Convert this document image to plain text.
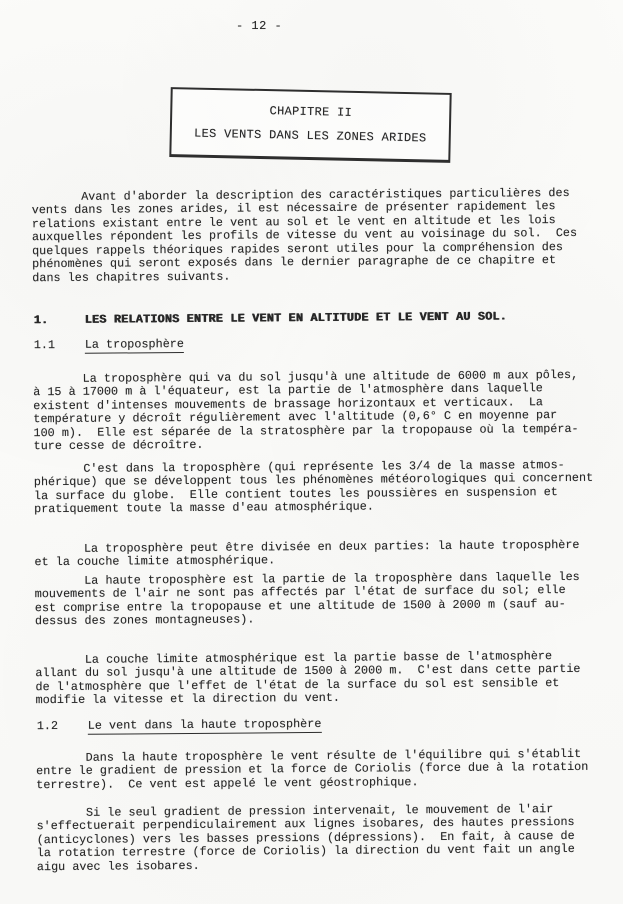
- 12 -
CHAPITRE II
LES VENTS DANS LES ZONES ARIDES
Avant d'aborder la description des caractéristiques particulières des
vents dans les zones arides, il est nécessaire de présenter rapidement les
relations existant entre le vent au sol et le vent en altitude et les lois
auxquelles répondent les profils de vitesse du vent au voisinage du sol.  Ces
quelques rappels théoriques rapides seront utiles pour la compréhension des
phénomènes qui seront exposés dans le dernier paragraphe de ce chapitre et
dans les chapitres suivants.
1.	LES RELATIONS ENTRE LE VENT EN ALTITUDE ET LE VENT AU SOL.
1.1	La troposphère
La troposphère qui va du sol jusqu'à une altitude de 6000 m aux pôles,
à 15 à 17000 m à l'équateur, est la partie de l'atmosphère dans laquelle
existent d'intenses mouvements de brassage horizontaux et verticaux.  La
température y décroît régulièrement avec l'altitude (0,6° C en moyenne par
100 m).  Elle est séparée de la stratosphère par la tropopause où la tempéra-
ture cesse de décroître.
C'est dans la troposphère (qui représente les 3/4 de la masse atmos-
phérique) que se développent tous les phénomènes météorologiques qui concernent
la surface du globe.  Elle contient toutes les poussières en suspension et
pratiquement toute la masse d'eau atmosphérique.
La troposphère peut être divisée en deux parties: la haute troposphère
et la couche limite atmosphérique.
La haute troposphère est la partie de la troposphère dans laquelle les
mouvements de l'air ne sont pas affectés par l'état de surface du sol; elle
est comprise entre la tropopause et une altitude de 1500 à 2000 m (sauf au-
dessus des zones montagneuses).
La couche limite atmosphérique est la partie basse de l'atmosphère
allant du sol jusqu'à une altitude de 1500 à 2000 m.  C'est dans cette partie
de l'atmosphère que l'effet de l'état de la surface du sol est sensible et
modifie la vitesse et la direction du vent.
1.2	Le vent dans la haute troposphère
Dans la haute troposphère le vent résulte de l'équilibre qui s'établit
entre le gradient de pression et la force de Coriolis (force due à la rotation
terrestre).  Ce vent est appelé le vent géostrophique.
Si le seul gradient de pression intervenait, le mouvement de l'air
s'effectuerait perpendiculairement aux lignes isobares, des hautes pressions
(anticyclones) vers les basses pressions (dépressions).  En fait, à cause de
la rotation terrestre (force de Coriolis) la direction du vent fait un angle
aigu avec les isobares.
